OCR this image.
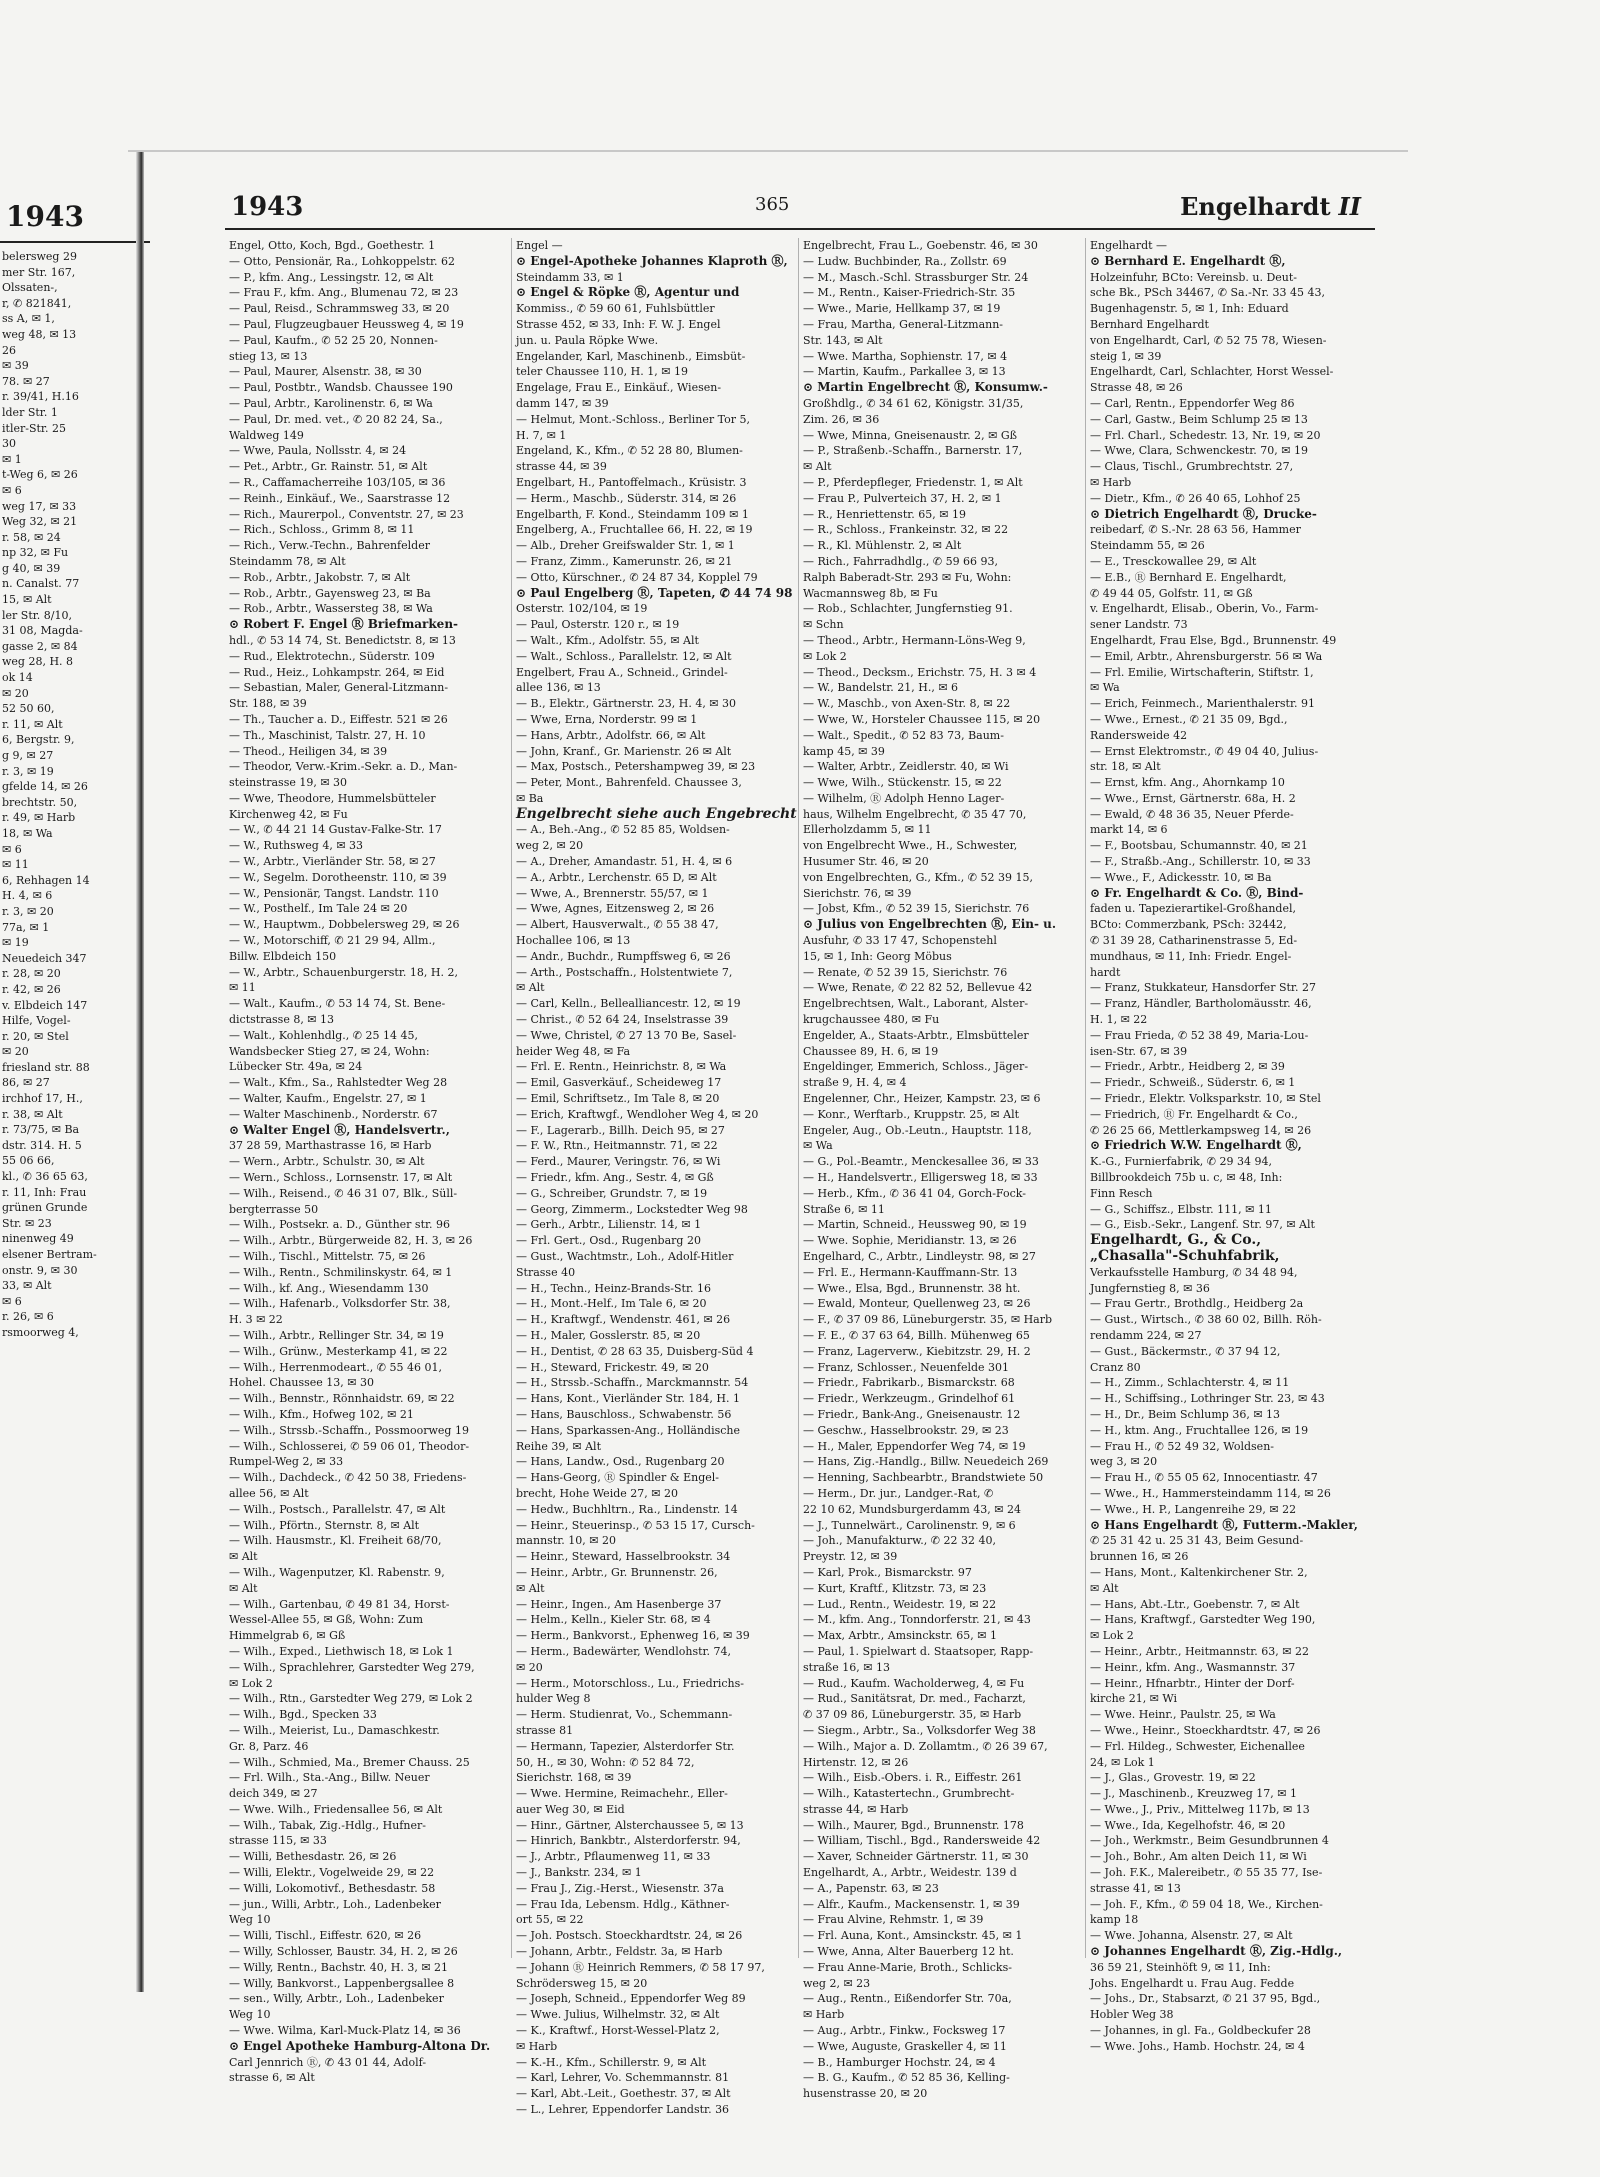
1943
belersweg 29
mer Str. 167,
Olssaten-,
r, ✆ 821841,
ss A, ✉ 1,
weg 48, ✉ 13
26
✉ 39
78. ✉ 27
r. 39/41, H.16
lder Str. 1
itler-Str. 25
30
✉ 1
t-Weg 6, ✉ 26
✉ 6
weg 17, ✉ 33
Weg 32, ✉ 21
r. 58, ✉ 24
np 32, ✉ Fu
g 40, ✉ 39
n. Canalst. 77
15, ✉ Alt
ler Str. 8/10,
31 08, Magda-
gasse 2, ✉ 84
weg 28, H. 8
ok 14
✉ 20
52 50 60,
r. 11, ✉ Alt
6, Bergstr. 9,
g 9, ✉ 27
r. 3, ✉ 19
gfelde 14, ✉ 26
brechtstr. 50,
r. 49, ✉ Harb
18, ✉ Wa
✉ 6
✉ 11
6, Rehhagen 14
H. 4, ✉ 6
r. 3, ✉ 20
77a, ✉ 1
✉ 19
Neuedeich 347
r. 28, ✉ 20
r. 42, ✉ 26
v. Elbdeich 147
Hilfe, Vogel-
r. 20, ✉ Stel
✉ 20
friesland str. 88
86, ✉ 27
irchhof 17, H.,
r. 38, ✉ Alt
r. 73/75, ✉ Ba
dstr. 314. H. 5
55 06 66,
kl., ✆ 36 65 63,
r. 11, Inh: Frau
grünen Grunde
Str. ✉ 23
ninenweg 49
elsener Bertram-
onstr. 9, ✉ 30
33, ✉ Alt
✉ 6
r. 26, ✉ 6
rsmoorweg 4,
1943	365	Engelhardt II
Engel, Otto, Koch, Bgd., Goethestr. 1
— Otto, Pensionär, Ra., Lohkoppelstr. 62
— P., kfm. Ang., Lessingstr. 12, ✉ Alt
— Frau F., kfm. Ang., Blumenau 72, ✉ 23
— Paul, Reisd., Schrammsweg 33, ✉ 20
— Paul, Flugzeugbauer Heussweg 4, ✉ 19
— Paul, Kaufm., ✆ 52 25 20, Nonnen-
stieg 13, ✉ 13
— Paul, Maurer, Alsenstr. 38, ✉ 30
— Paul, Postbtr., Wandsb. Chaussee 190
— Paul, Arbtr., Karolinenstr. 6, ✉ Wa
— Paul, Dr. med. vet., ✆ 20 82 24, Sa.,
Waldweg 149
— Wwe, Paula, Nollsstr. 4, ✉ 24
— Pet., Arbtr., Gr. Rainstr. 51, ✉ Alt
— R., Caffamacherreihe 103/105, ✉ 36
— Reinh., Einkäuf., We., Saarstrasse 12
— Rich., Maurerpol., Conventstr. 27, ✉ 23
— Rich., Schloss., Grimm 8, ✉ 11
— Rich., Verw.-Techn., Bahrenfelder
Steindamm 78, ✉ Alt
— Rob., Arbtr., Jakobstr. 7, ✉ Alt
— Rob., Arbtr., Gayensweg 23, ✉ Ba
— Rob., Arbtr., Wassersteg 38, ✉ Wa
⊙ Robert F. Engel Ⓡ Briefmarken-
hdl., ✆ 53 14 74, St. Benedictstr. 8, ✉ 13
— Rud., Elektrotechn., Süderstr. 109
— Rud., Heiz., Lohkampstr. 264, ✉ Eid
— Sebastian, Maler, General-Litzmann-
Str. 188, ✉ 39
— Th., Taucher a. D., Eiffestr. 521 ✉ 26
— Th., Maschinist, Talstr. 27, H. 10
— Theod., Heiligen 34, ✉ 39
— Theodor, Verw.-Krim.-Sekr. a. D., Man-
steinstrasse 19, ✉ 30
— Wwe, Theodore, Hummelsbütteler
Kirchenweg 42, ✉ Fu
— W., ✆ 44 21 14 Gustav-Falke-Str. 17
— W., Ruthsweg 4, ✉ 33
— W., Arbtr., Vierländer Str. 58, ✉ 27
— W., Segelm. Dorotheenstr. 110, ✉ 39
— W., Pensionär, Tangst. Landstr. 110
— W., Posthelf., Im Tale 24 ✉ 20
— W., Hauptwm., Dobbelersweg 29, ✉ 26
— W., Motorschiff, ✆ 21 29 94, Allm.,
Billw. Elbdeich 150
— W., Arbtr., Schauenburgerstr. 18, H. 2,
✉ 11
— Walt., Kaufm., ✆ 53 14 74, St. Bene-
dictstrasse 8, ✉ 13
— Walt., Kohlenhdlg., ✆ 25 14 45,
Wandsbecker Stieg 27, ✉ 24, Wohn:
Lübecker Str. 49a, ✉ 24
— Walt., Kfm., Sa., Rahlstedter Weg 28
— Walter, Kaufm., Engelstr. 27, ✉ 1
— Walter Maschinenb., Norderstr. 67
⊙ Walter Engel Ⓡ, Handelsvertr.,
37 28 59, Marthastrasse 16, ✉ Harb
— Wern., Arbtr., Schulstr. 30, ✉ Alt
— Wern., Schloss., Lornsenstr. 17, ✉ Alt
— Wilh., Reisend., ✆ 46 31 07, Blk., Süll-
bergterrasse 50
— Wilh., Postsekr. a. D., Günther str. 96
— Wilh., Arbtr., Bürgerweide 82, H. 3, ✉ 26
— Wilh., Tischl., Mittelstr. 75, ✉ 26
— Wilh., Rentn., Schmilinskystr. 64, ✉ 1
— Wilh., kf. Ang., Wiesendamm 130
— Wilh., Hafenarb., Volksdorfer Str. 38,
H. 3 ✉ 22
— Wilh., Arbtr., Rellinger Str. 34, ✉ 19
— Wilh., Grünw., Mesterkamp 41, ✉ 22
— Wilh., Herrenmodeart., ✆ 55 46 01,
Hohel. Chaussee 13, ✉ 30
— Wilh., Bennstr., Rönnhaidstr. 69, ✉ 22
— Wilh., Kfm., Hofweg 102, ✉ 21
— Wilh., Strssb.-Schaffn., Possmoorweg 19
— Wilh., Schlosserei, ✆ 59 06 01, Theodor-
Rumpel-Weg 2, ✉ 33
— Wilh., Dachdeck., ✆ 42 50 38, Friedens-
allee 56, ✉ Alt
— Wilh., Postsch., Parallelstr. 47, ✉ Alt
— Wilh., Pförtn., Sternstr. 8, ✉ Alt
— Wilh. Hausmstr., Kl. Freiheit 68/70,
✉ Alt
— Wilh., Wagenputzer, Kl. Rabenstr. 9,
✉ Alt
— Wilh., Gartenbau, ✆ 49 81 34, Horst-
Wessel-Allee 55, ✉ Gß, Wohn: Zum
Himmelgrab 6, ✉ Gß
— Wilh., Exped., Liethwisch 18, ✉ Lok 1
— Wilh., Sprachlehrer, Garstedter Weg 279,
✉ Lok 2
— Wilh., Rtn., Garstedter Weg 279, ✉ Lok 2
— Wilh., Bgd., Specken 33
— Wilh., Meierist, Lu., Damaschkestr.
Gr. 8, Parz. 46
— Wilh., Schmied, Ma., Bremer Chauss. 25
— Frl. Wilh., Sta.-Ang., Billw. Neuer
deich 349, ✉ 27
— Wwe. Wilh., Friedensallee 56, ✉ Alt
— Wilh., Tabak, Zig.-Hdlg., Hufner-
strasse 115, ✉ 33
— Willi, Bethesdastr. 26, ✉ 26
— Willi, Elektr., Vogelweide 29, ✉ 22
— Willi, Lokomotivf., Bethesdastr. 58
— jun., Willi, Arbtr., Loh., Ladenbeker
Weg 10
— Willi, Tischl., Eiffestr. 620, ✉ 26
— Willy, Schlosser, Baustr. 34, H. 2, ✉ 26
— Willy, Rentn., Bachstr. 40, H. 3, ✉ 21
— Willy, Bankvorst., Lappenbergsallee 8
— sen., Willy, Arbtr., Loh., Ladenbeker
Weg 10
— Wwe. Wilma, Karl-Muck-Platz 14, ✉ 36
⊙ Engel Apotheke Hamburg-Altona Dr.
Carl Jennrich Ⓡ, ✆ 43 01 44, Adolf-
strasse 6, ✉ Alt
Engel —
⊙ Engel-Apotheke Johannes Klaproth Ⓡ,
Steindamm 33, ✉ 1
⊙ Engel & Röpke Ⓡ, Agentur und
Kommiss., ✆ 59 60 61, Fuhlsbüttler
Strasse 452, ✉ 33, Inh: F. W. J. Engel
jun. u. Paula Röpke Wwe.
Engelander, Karl, Maschinenb., Eimsbüt-
teler Chaussee 110, H. 1, ✉ 19
Engelage, Frau E., Einkäuf., Wiesen-
damm 147, ✉ 39
— Helmut, Mont.-Schloss., Berliner Tor 5,
H. 7, ✉ 1
Engeland, K., Kfm., ✆ 52 28 80, Blumen-
strasse 44, ✉ 39
Engelbart, H., Pantoffelmach., Krüsistr. 3
— Herm., Maschb., Süderstr. 314, ✉ 26
Engelbarth, F. Kond., Steindamm 109 ✉ 1
Engelberg, A., Fruchtallee 66, H. 22, ✉ 19
— Alb., Dreher Greifswalder Str. 1, ✉ 1
— Franz, Zimm., Kamerunstr. 26, ✉ 21
— Otto, Kürschner., ✆ 24 87 34, Kopplel 79
⊙ Paul Engelberg Ⓡ, Tapeten, ✆ 44 74 98
Osterstr. 102/104, ✉ 19
— Paul, Osterstr. 120 r., ✉ 19
— Walt., Kfm., Adolfstr. 55, ✉ Alt
— Walt., Schloss., Parallelstr. 12, ✉ Alt
Engelbert, Frau A., Schneid., Grindel-
allee 136, ✉ 13
— B., Elektr., Gärtnerstr. 23, H. 4, ✉ 30
— Wwe, Erna, Norderstr. 99 ✉ 1
— Hans, Arbtr., Adolfstr. 66, ✉ Alt
— John, Kranf., Gr. Marienstr. 26 ✉ Alt
— Max, Postsch., Petershampweg 39, ✉ 23
— Peter, Mont., Bahrenfeld. Chaussee 3,
✉ Ba
Engelbrecht siehe auch Engebrecht
— A., Beh.-Ang., ✆ 52 85 85, Woldsen-
weg 2, ✉ 20
— A., Dreher, Amandastr. 51, H. 4, ✉ 6
— A., Arbtr., Lerchenstr. 65 D, ✉ Alt
— Wwe, A., Brennerstr. 55/57, ✉ 1
— Wwe, Agnes, Eitzensweg 2, ✉ 26
— Albert, Hausverwalt., ✆ 55 38 47,
Hochallee 106, ✉ 13
— Andr., Buchdr., Rumpffsweg 6, ✉ 26
— Arth., Postschaffn., Holstentwiete 7,
✉ Alt
— Carl, Kelln., Bellealliancestr. 12, ✉ 19
— Christ., ✆ 52 64 24, Inselstrasse 39
— Wwe, Christel, ✆ 27 13 70 Be, Sasel-
heider Weg 48, ✉ Fa
— Frl. E. Rentn., Heinrichstr. 8, ✉ Wa
— Emil, Gasverkäuf., Scheideweg 17
— Emil, Schriftsetz., Im Tale 8, ✉ 20
— Erich, Kraftwgf., Wendloher Weg 4, ✉ 20
— F., Lagerarb., Billh. Deich 95, ✉ 27
— F. W., Rtn., Heitmannstr. 71, ✉ 22
— Ferd., Maurer, Veringstr. 76, ✉ Wi
— Friedr., kfm. Ang., Sestr. 4, ✉ Gß
— G., Schreiber, Grundstr. 7, ✉ 19
— Georg, Zimmerm., Lockstedter Weg 98
— Gerh., Arbtr., Lilienstr. 14, ✉ 1
— Frl. Gert., Osd., Rugenbarg 20
— Gust., Wachtmstr., Loh., Adolf-Hitler
Strasse 40
— H., Techn., Heinz-Brands-Str. 16
— H., Mont.-Helf., Im Tale 6, ✉ 20
— H., Kraftwgf., Wendenstr. 461, ✉ 26
— H., Maler, Gosslerstr. 85, ✉ 20
— H., Dentist, ✆ 28 63 35, Duisberg-Süd 4
— H., Steward, Frickestr. 49, ✉ 20
— H., Strssb.-Schaffn., Marckmannstr. 54
— Hans, Kont., Vierländer Str. 184, H. 1
— Hans, Bauschloss., Schwabenstr. 56
— Hans, Sparkassen-Ang., Holländische
Reihe 39, ✉ Alt
— Hans, Landw., Osd., Rugenbarg 20
— Hans-Georg, Ⓡ Spindler & Engel-
brecht, Hohe Weide 27, ✉ 20
— Hedw., Buchhltrn., Ra., Lindenstr. 14
— Heinr., Steuerinsp., ✆ 53 15 17, Cursch-
mannstr. 10, ✉ 20
— Heinr., Steward, Hasselbrookstr. 34
— Heinr., Arbtr., Gr. Brunnenstr. 26,
✉ Alt
— Heinr., Ingen., Am Hasenberge 37
— Helm., Kelln., Kieler Str. 68, ✉ 4
— Herm., Bankvorst., Ephenweg 16, ✉ 39
— Herm., Badewärter, Wendlohstr. 74,
✉ 20
— Herm., Motorschloss., Lu., Friedrichs-
hulder Weg 8
— Herm. Studienrat, Vo., Schemmann-
strasse 81
— Hermann, Tapezier, Alsterdorfer Str.
50, H., ✉ 30, Wohn: ✆ 52 84 72,
Sierichstr. 168, ✉ 39
— Wwe. Hermine, Reimachehr., Eller-
auer Weg 30, ✉ Eid
— Hinr., Gärtner, Alsterchaussee 5, ✉ 13
— Hinrich, Bankbtr., Alsterdorferstr. 94,
— J., Arbtr., Pflaumenweg 11, ✉ 33
— J., Bankstr. 234, ✉ 1
— Frau J., Zig.-Herst., Wiesenstr. 37a
— Frau Ida, Lebensm. Hdlg., Käthner-
ort 55, ✉ 22
— Joh. Postsch. Stoeckhardtstr. 24, ✉ 26
— Johann, Arbtr., Feldstr. 3a, ✉ Harb
— Johann Ⓡ Heinrich Remmers, ✆ 58 17 97,
Schrödersweg 15, ✉ 20
— Joseph, Schneid., Eppendorfer Weg 89
— Wwe. Julius, Wilhelmstr. 32, ✉ Alt
— K., Kraftwf., Horst-Wessel-Platz 2,
✉ Harb
— K.-H., Kfm., Schillerstr. 9, ✉ Alt
— Karl, Lehrer, Vo. Schemmannstr. 81
— Karl, Abt.-Leit., Goethestr. 37, ✉ Alt
— L., Lehrer, Eppendorfer Landstr. 36
Engelbrecht, Frau L., Goebenstr. 46, ✉ 30
— Ludw. Buchbinder, Ra., Zollstr. 69
— M., Masch.-Schl. Strassburger Str. 24
— M., Rentn., Kaiser-Friedrich-Str. 35
— Wwe., Marie, Hellkamp 37, ✉ 19
— Frau, Martha, General-Litzmann-
Str. 143, ✉ Alt
— Wwe. Martha, Sophienstr. 17, ✉ 4
— Martin, Kaufm., Parkallee 3, ✉ 13
⊙ Martin Engelbrecht Ⓡ, Konsumw.-
Großhdlg., ✆ 34 61 62, Königstr. 31/35,
Zim. 26, ✉ 36
— Wwe, Minna, Gneisenaustr. 2, ✉ Gß
— P., Straßenb.-Schaffn., Barnerstr. 17,
✉ Alt
— P., Pferdepfleger, Friedenstr. 1, ✉ Alt
— Frau P., Pulverteich 37, H. 2, ✉ 1
— R., Henriettenstr. 65, ✉ 19
— R., Schloss., Frankeinstr. 32, ✉ 22
— R., Kl. Mühlenstr. 2, ✉ Alt
— Rich., Fahrradhdlg., ✆ 59 66 93,
Ralph Baberadt-Str. 293 ✉ Fu, Wohn:
Wacmannsweg 8b, ✉ Fu
— Rob., Schlachter, Jungfernstieg 91.
✉ Schn
— Theod., Arbtr., Hermann-Löns-Weg 9,
✉ Lok 2
— Theod., Decksm., Erichstr. 75, H. 3 ✉ 4
— W., Bandelstr. 21, H., ✉ 6
— W., Maschb., von Axen-Str. 8, ✉ 22
— Wwe, W., Horsteler Chaussee 115, ✉ 20
— Walt., Spedit., ✆ 52 83 73, Baum-
kamp 45, ✉ 39
— Walter, Arbtr., Zeidlerstr. 40, ✉ Wi
— Wwe, Wilh., Stückenstr. 15, ✉ 22
— Wilhelm, Ⓡ Adolph Henno Lager-
haus, Wilhelm Engelbrecht, ✆ 35 47 70,
Ellerholzdamm 5, ✉ 11
von Engelbrecht Wwe., H., Schwester,
Husumer Str. 46, ✉ 20
von Engelbrechten, G., Kfm., ✆ 52 39 15,
Sierichstr. 76, ✉ 39
— Jobst, Kfm., ✆ 52 39 15, Sierichstr. 76
⊙ Julius von Engelbrechten Ⓡ, Ein- u.
Ausfuhr, ✆ 33 17 47, Schopenstehl
15, ✉ 1, Inh: Georg Möbus
— Renate, ✆ 52 39 15, Sierichstr. 76
— Wwe, Renate, ✆ 22 82 52, Bellevue 42
Engelbrechtsen, Walt., Laborant, Alster-
krugchaussee 480, ✉ Fu
Engelder, A., Staats-Arbtr., Elmsbütteler
Chaussee 89, H. 6, ✉ 19
Engeldinger, Emmerich, Schloss., Jäger-
straße 9, H. 4, ✉ 4
Engelenner, Chr., Heizer, Kampstr. 23, ✉ 6
— Konr., Werftarb., Kruppstr. 25, ✉ Alt
Engeler, Aug., Ob.-Leutn., Hauptstr. 118,
✉ Wa
— G., Pol.-Beamtr., Menckesallee 36, ✉ 33
— H., Handelsvertr., Elligersweg 18, ✉ 33
— Herb., Kfm., ✆ 36 41 04, Gorch-Fock-
Straße 6, ✉ 11
— Martin, Schneid., Heussweg 90, ✉ 19
— Wwe. Sophie, Meridianstr. 13, ✉ 26
Engelhard, C., Arbtr., Lindleystr. 98, ✉ 27
— Frl. E., Hermann-Kauffmann-Str. 13
— Wwe., Elsa, Bgd., Brunnenstr. 38 ht.
— Ewald, Monteur, Quellenweg 23, ✉ 26
— F., ✆ 37 09 86, Lüneburgerstr. 35, ✉ Harb
— F. E., ✆ 37 63 64, Billh. Mühenweg 65
— Franz, Lagerverw., Kiebitzstr. 29, H. 2
— Franz, Schlosser., Neuenfelde 301
— Friedr., Fabrikarb., Bismarckstr. 68
— Friedr., Werkzeugm., Grindelhof 61
— Friedr., Bank-Ang., Gneisenaustr. 12
— Geschw., Hasselbrookstr. 29, ✉ 23
— H., Maler, Eppendorfer Weg 74, ✉ 19
— Hans, Zig.-Handlg., Billw. Neuedeich 269
— Henning, Sachbearbtr., Brandstwiete 50
— Herm., Dr. jur., Landger.-Rat, ✆
22 10 62, Mundsburgerdamm 43, ✉ 24
— J., Tunnelwärt., Carolinenstr. 9, ✉ 6
— Joh., Manufakturw., ✆ 22 32 40,
Preystr. 12, ✉ 39
— Karl, Prok., Bismarckstr. 97
— Kurt, Kraftf., Klitzstr. 73, ✉ 23
— Lud., Rentn., Weidestr. 19, ✉ 22
— M., kfm. Ang., Tonndorferstr. 21, ✉ 43
— Max, Arbtr., Amsinckstr. 65, ✉ 1
— Paul, 1. Spielwart d. Staatsoper, Rapp-
straße 16, ✉ 13
— Rud., Kaufm. Wacholderweg, 4, ✉ Fu
— Rud., Sanitätsrat, Dr. med., Facharzt,
✆ 37 09 86, Lüneburgerstr. 35, ✉ Harb
— Siegm., Arbtr., Sa., Volksdorfer Weg 38
— Wilh., Major a. D. Zollamtm., ✆ 26 39 67,
Hirtenstr. 12, ✉ 26
— Wilh., Eisb.-Obers. i. R., Eiffestr. 261
— Wilh., Katastertechn., Grumbrecht-
strasse 44, ✉ Harb
— Wilh., Maurer, Bgd., Brunnenstr. 178
— William, Tischl., Bgd., Randersweide 42
— Xaver, Schneider Gärtnerstr. 11, ✉ 30
Engelhardt, A., Arbtr., Weidestr. 139 d
— A., Papenstr. 63, ✉ 23
— Alfr., Kaufm., Mackensenstr. 1, ✉ 39
— Frau Alvine, Rehmstr. 1, ✉ 39
— Frl. Auna, Kont., Amsinckstr. 45, ✉ 1
— Wwe, Anna, Alter Bauerberg 12 ht.
— Frau Anne-Marie, Broth., Schlicks-
weg 2, ✉ 23
— Aug., Rentn., Eißendorfer Str. 70a,
✉ Harb
— Aug., Arbtr., Finkw., Focksweg 17
— Wwe, Auguste, Graskeller 4, ✉ 11
— B., Hamburger Hochstr. 24, ✉ 4
— B. G., Kaufm., ✆ 52 85 36, Kelling-
husenstrasse 20, ✉ 20
Engelhardt —
⊙ Bernhard E. Engelhardt Ⓡ,
Holzeinfuhr, BCto: Vereinsb. u. Deut-
sche Bk., PSch 34467, ✆ Sa.-Nr. 33 45 43,
Bugenhagenstr. 5, ✉ 1, Inh: Eduard
Bernhard Engelhardt
von Engelhardt, Carl, ✆ 52 75 78, Wiesen-
steig 1, ✉ 39
Engelhardt, Carl, Schlachter, Horst Wessel-
Strasse 48, ✉ 26
— Carl, Rentn., Eppendorfer Weg 86
— Carl, Gastw., Beim Schlump 25 ✉ 13
— Frl. Charl., Schedestr. 13, Nr. 19, ✉ 20
— Wwe, Clara, Schwenckestr. 70, ✉ 19
— Claus, Tischl., Grumbrechtstr. 27,
✉ Harb
— Dietr., Kfm., ✆ 26 40 65, Lohhof 25
⊙ Dietrich Engelhardt Ⓡ, Drucke-
reibedarf, ✆ S.-Nr. 28 63 56, Hammer
Steindamm 55, ✉ 26
— E., Tresckowallee 29, ✉ Alt
— E.B., Ⓡ Bernhard E. Engelhardt,
✆ 49 44 05, Golfstr. 11, ✉ Gß
v. Engelhardt, Elisab., Oberin, Vo., Farm-
sener Landstr. 73
Engelhardt, Frau Else, Bgd., Brunnenstr. 49
— Emil, Arbtr., Ahrensburgerstr. 56 ✉ Wa
— Frl. Emilie, Wirtschafterin, Stiftstr. 1,
✉ Wa
— Erich, Feinmech., Marienthalerstr. 91
— Wwe., Ernest., ✆ 21 35 09, Bgd.,
Randersweide 42
— Ernst Elektromstr., ✆ 49 04 40, Julius-
str. 18, ✉ Alt
— Ernst, kfm. Ang., Ahornkamp 10
— Wwe., Ernst, Gärtnerstr. 68a, H. 2
— Ewald, ✆ 48 36 35, Neuer Pferde-
markt 14, ✉ 6
— F., Bootsbau, Schumannstr. 40, ✉ 21
— F., Straßb.-Ang., Schillerstr. 10, ✉ 33
— Wwe., F., Adickesstr. 10, ✉ Ba
⊙ Fr. Engelhardt & Co. Ⓡ, Bind-
faden u. Tapezierartikel-Großhandel,
BCto: Commerzbank, PSch: 32442,
✆ 31 39 28, Catharinenstrasse 5, Ed-
mundhaus, ✉ 11, Inh: Friedr. Engel-
hardt
— Franz, Stukkateur, Hansdorfer Str. 27
— Franz, Händler, Bartholomäusstr. 46,
H. 1, ✉ 22
— Frau Frieda, ✆ 52 38 49, Maria-Lou-
isen-Str. 67, ✉ 39
— Friedr., Arbtr., Heidberg 2, ✉ 39
— Friedr., Schweiß., Süderstr. 6, ✉ 1
— Friedr., Elektr. Volksparkstr. 10, ✉ Stel
— Friedrich, Ⓡ Fr. Engelhardt & Co.,
✆ 26 25 66, Mettlerkampsweg 14, ✉ 26
⊙ Friedrich W.W. Engelhardt Ⓡ,
K.-G., Furnierfabrik, ✆ 29 34 94,
Billbrookdeich 75b u. c, ✉ 48, Inh:
Finn Resch
— G., Schiffsz., Elbstr. 111, ✉ 11
— G., Eisb.-Sekr., Langenf. Str. 97, ✉ Alt
Engelhardt, G., & Co.,
„Chasalla"-Schuhfabrik,
Verkaufsstelle Hamburg, ✆ 34 48 94,
Jungfernstieg 8, ✉ 36
— Frau Gertr., Brothdlg., Heidberg 2a
— Gust., Wirtsch., ✆ 38 60 02, Billh. Röh-
rendamm 224, ✉ 27
— Gust., Bäckermstr., ✆ 37 94 12,
Cranz 80
— H., Zimm., Schlachterstr. 4, ✉ 11
— H., Schiffsing., Lothringer Str. 23, ✉ 43
— H., Dr., Beim Schlump 36, ✉ 13
— H., ktm. Ang., Fruchtallee 126, ✉ 19
— Frau H., ✆ 52 49 32, Woldsen-
weg 3, ✉ 20
— Frau H., ✆ 55 05 62, Innocentiastr. 47
— Wwe., H., Hammersteindamm 114, ✉ 26
— Wwe., H. P., Langenreihe 29, ✉ 22
⊙ Hans Engelhardt Ⓡ, Futterm.-Makler,
✆ 25 31 42 u. 25 31 43, Beim Gesund-
brunnen 16, ✉ 26
— Hans, Mont., Kaltenkirchener Str. 2,
✉ Alt
— Hans, Abt.-Ltr., Goebenstr. 7, ✉ Alt
— Hans, Kraftwgf., Garstedter Weg 190,
✉ Lok 2
— Heinr., Arbtr., Heitmannstr. 63, ✉ 22
— Heinr., kfm. Ang., Wasmannstr. 37
— Heinr., Hfnarbtr., Hinter der Dorf-
kirche 21, ✉ Wi
— Wwe. Heinr., Paulstr. 25, ✉ Wa
— Wwe., Heinr., Stoeckhardtstr. 47, ✉ 26
— Frl. Hildeg., Schwester, Eichenallee
24, ✉ Lok 1
— J., Glas., Grovestr. 19, ✉ 22
— J., Maschinenb., Kreuzweg 17, ✉ 1
— Wwe., J., Priv., Mittelweg 117b, ✉ 13
— Wwe., Ida, Kegelhofstr. 46, ✉ 20
— Joh., Werkmstr., Beim Gesundbrunnen 4
— Joh., Bohr., Am alten Deich 11, ✉ Wi
— Joh. F.K., Malereibetr., ✆ 55 35 77, Ise-
strasse 41, ✉ 13
— Joh. F., Kfm., ✆ 59 04 18, We., Kirchen-
kamp 18
— Wwe. Johanna, Alsenstr. 27, ✉ Alt
⊙ Johannes Engelhardt Ⓡ, Zig.-Hdlg.,
36 59 21, Steinhöft 9, ✉ 11, Inh:
Johs. Engelhardt u. Frau Aug. Fedde
— Johs., Dr., Stabsarzt, ✆ 21 37 95, Bgd.,
Hobler Weg 38
— Johannes, in gl. Fa., Goldbeckufer 28
— Wwe. Johs., Hamb. Hochstr. 24, ✉ 4
